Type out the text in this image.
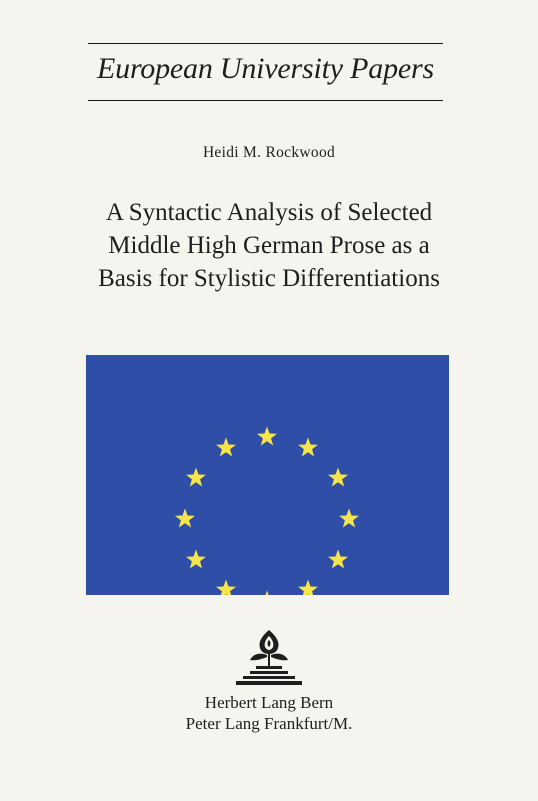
European University Papers
Heidi M. Rockwood
A Syntactic Analysis of Selected
Middle High German Prose as a
Basis for Stylistic Differentiations
Herbert Lang Bern
Peter Lang Frankfurt/M.
